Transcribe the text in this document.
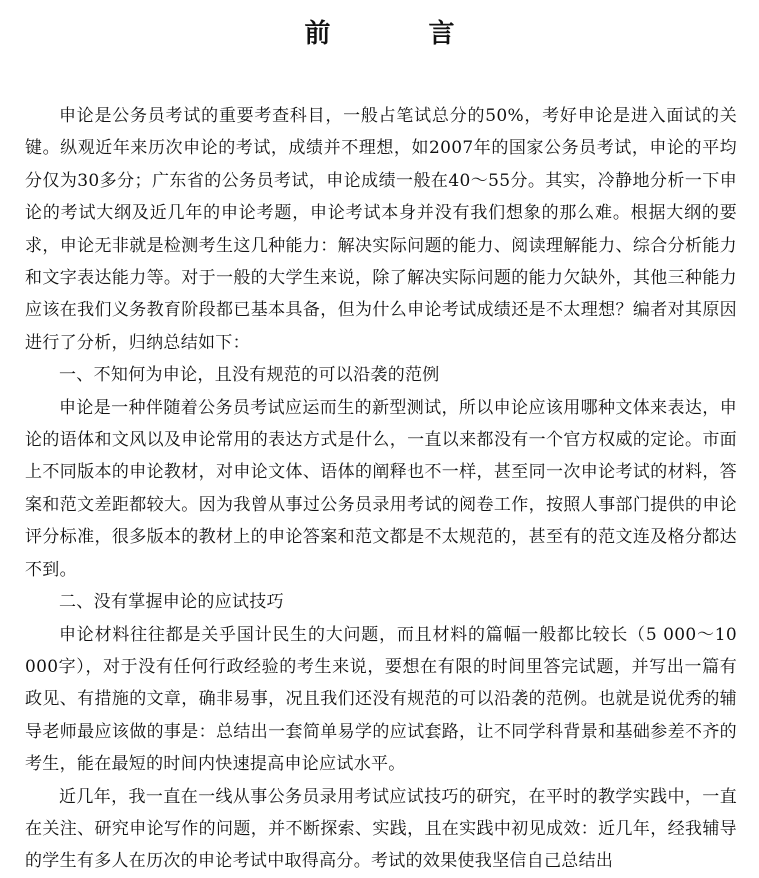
前　言

申论是公务员考试的重要考查科目，一般占笔试总分的50%，考好申论是进入面试的关键。纵观近年来历次申论的考试，成绩并不理想，如2007年的国家公务员考试，申论的平均分仅为30多分；广东省的公务员考试，申论成绩一般在40～55分。其实，冷静地分析一下申论的考试大纲及近几年的申论考题，申论考试本身并没有我们想象的那么难。根据大纲的要求，申论无非就是检测考生这几种能力：解决实际问题的能力、阅读理解能力、综合分析能力和文字表达能力等。对于一般的大学生来说，除了解决实际问题的能力欠缺外，其他三种能力应该在我们义务教育阶段都已基本具备，但为什么申论考试成绩还是不太理想？编者对其原因进行了分析，归纳总结如下：

一、不知何为申论，且没有规范的可以沿袭的范例

申论是一种伴随着公务员考试应运而生的新型测试，所以申论应该用哪种文体来表达，申论的语体和文风以及申论常用的表达方式是什么，一直以来都没有一个官方权威的定论。市面上不同版本的申论教材，对申论文体、语体的阐释也不一样，甚至同一次申论考试的材料，答案和范文差距都较大。因为我曾从事过公务员录用考试的阅卷工作，按照人事部门提供的申论评分标准，很多版本的教材上的申论答案和范文都是不太规范的，甚至有的范文连及格分都达不到。

二、没有掌握申论的应试技巧

申论材料往往都是关乎国计民生的大问题，而且材料的篇幅一般都比较长（5 000～10 000字），对于没有任何行政经验的考生来说，要想在有限的时间里答完试题，并写出一篇有政见、有措施的文章，确非易事，况且我们还没有规范的可以沿袭的范例。也就是说优秀的辅导老师最应该做的事是：总结出一套简单易学的应试套路，让不同学科背景和基础参差不齐的考生，能在最短的时间内快速提高申论应试水平。

近几年，我一直在一线从事公务员录用考试应试技巧的研究，在平时的教学实践中，一直在关注、研究申论写作的问题，并不断探索、实践，且在实践中初见成效：近几年，经我辅导的学生有多人在历次的申论考试中取得高分。考试的效果使我坚信自己总结出
